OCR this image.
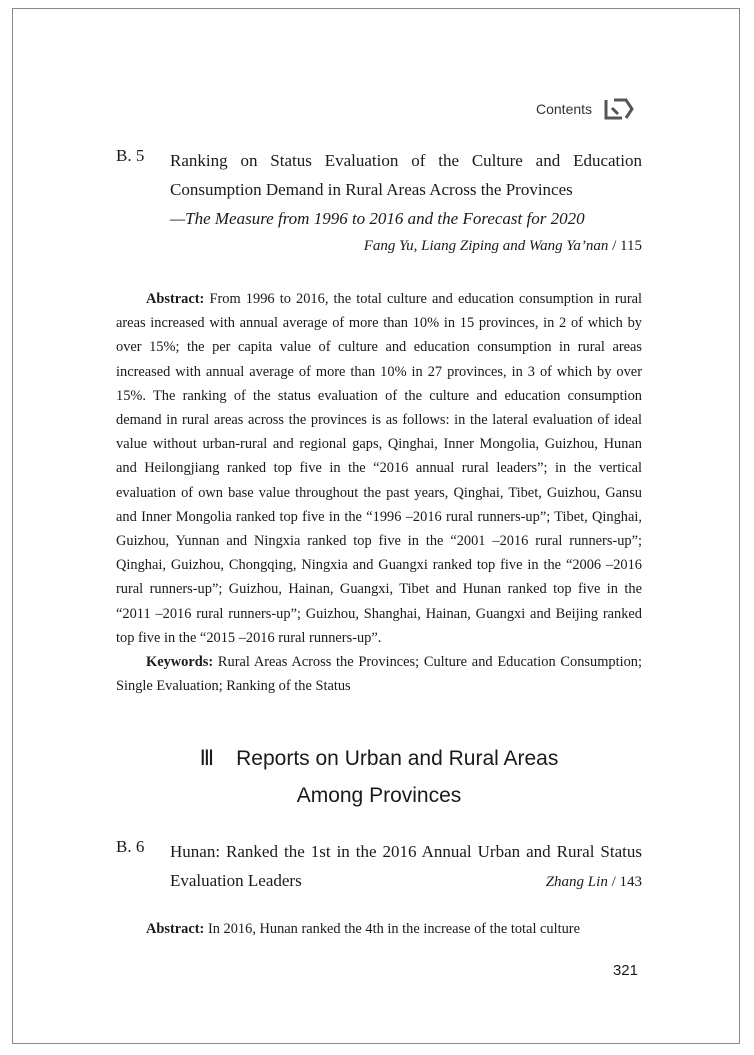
Contents
B. 5 Ranking on Status Evaluation of the Culture and Education Consumption Demand in Rural Areas Across the Provinces
—The Measure from 1996 to 2016 and the Forecast for 2020
Fang Yu, Liang Ziping and Wang Ya’nan / 115

Abstract: From 1996 to 2016, the total culture and education consumption in rural areas increased with annual average of more than 10% in 15 provinces, in 2 of which by over 15%; the per capita value of culture and education consumption in rural areas increased with annual average of more than 10% in 27 provinces, in 3 of which by over 15%. The ranking of the status evaluation of the culture and education consumption demand in rural areas across the provinces is as follows: in the lateral evaluation of ideal value without urban-rural and regional gaps, Qinghai, Inner Mongolia, Guizhou, Hunan and Heilongjiang ranked top five in the “2016 annual rural leaders”; in the vertical evaluation of own base value throughout the past years, Qinghai, Tibet, Guizhou, Gansu and Inner Mongolia ranked top five in the “1996 –2016 rural runners-up”; Tibet, Qinghai, Guizhou, Yunnan and Ningxia ranked top five in the “2001 –2016 rural runners-up”; Qinghai, Guizhou, Chongqing, Ningxia and Guangxi ranked top five in the “2006 –2016 rural runners-up”; Guizhou, Hainan, Guangxi, Tibet and Hunan ranked top five in the “2011 –2016 rural runners-up”; Guizhou, Shanghai, Hainan, Guangxi and Beijing ranked top five in the “2015 –2016 rural runners-up”.

Keywords: Rural Areas Across the Provinces; Culture and Education Consumption; Single Evaluation; Ranking of the Status

Ⅲ Reports on Urban and Rural Areas
Among Provinces
B. 6 Hunan: Ranked the 1st in the 2016 Annual Urban and Rural Status Evaluation Leaders	Zhang Lin / 143

Abstract: In 2016, Hunan ranked the 4th in the increase of the total culture

321
